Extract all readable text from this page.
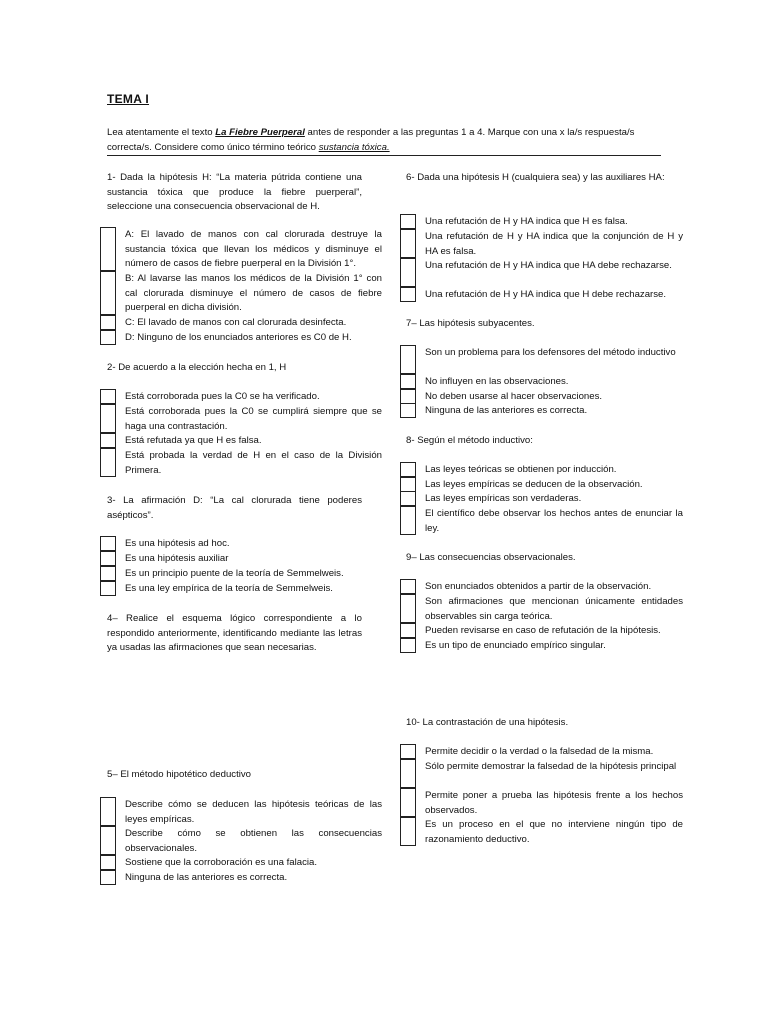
TEMA I
Lea atentamente el texto La Fiebre Puerperal antes de responder a las preguntas 1 a 4. Marque con una x la/s respuesta/s correcta/s. Considere como único término teórico sustancia tóxica.
1- Dada la hipótesis H: “La materia pútrida contiene una sustancia tóxica que produce la fiebre puerperal”, seleccione una consecuencia observacional de H.
A: El lavado de manos con cal clorurada destruye la sustancia tóxica que llevan los médicos y disminuye el número de casos de fiebre puerperal en la División 1°.
B: Al lavarse las manos los médicos de la División 1° con cal clorurada disminuye el número de casos de fiebre puerperal en dicha división.
C: El lavado de manos con cal clorurada desinfecta.
D: Ninguno de los enunciados anteriores es C0 de H.
2- De acuerdo a la elección hecha en 1, H
Está corroborada pues la C0 se ha verificado.
Está corroborada pues la C0 se cumplirá siempre que se haga una contrastación.
Está refutada ya que H es falsa.
Está probada la verdad de H en el caso de la División Primera.
3- La afirmación D: “La cal clorurada tiene poderes asépticos”.
Es una hipótesis ad hoc.
Es una hipótesis auxiliar
Es un principio puente de la teoría de Semmelweis.
Es una ley empírica de la teoría de Semmelweis.
4– Realice el esquema lógico correspondiente a lo respondido anteriormente, identificando mediante las letras ya usadas las afirmaciones que sean necesarias.
5– El método hipotético deductivo
Describe cómo se deducen las hipótesis teóricas de las leyes empíricas.
Describe cómo se obtienen las consecuencias observacionales.
Sostiene que la corroboración es una falacia.
Ninguna de las anteriores es correcta.
6- Dada una hipótesis H (cualquiera sea) y las auxiliares HA:
Una refutación de H y HA indica que H es falsa.
Una refutación de H y HA indica que la conjunción de H y HA es falsa.
Una refutación de H y HA indica que HA debe rechazarse.
Una refutación de H y HA indica que H debe rechazarse.
7– Las hipótesis subyacentes.
Son un problema para los defensores del método inductivo
No influyen en las observaciones.
No deben usarse al hacer observaciones.
Ninguna de las anteriores es correcta.
8- Según el método inductivo:
Las leyes teóricas se obtienen por inducción.
Las leyes empíricas se deducen de la observación.
Las leyes empíricas son verdaderas.
El científico debe observar los hechos antes de enunciar la ley.
9– Las consecuencias observacionales.
Son enunciados obtenidos a partir de la observación.
Son afirmaciones que mencionan únicamente entidades observables sin carga teórica.
Pueden revisarse en caso de refutación de la hipótesis.
Es un tipo de enunciado empírico singular.
10- La contrastación de una hipótesis.
Permite decidir o la verdad o la falsedad de la misma.
Sólo permite demostrar la falsedad de la hipótesis principal
Permite poner a prueba las hipótesis frente a los hechos observados.
Es un proceso en el que no interviene ningún tipo de razonamiento deductivo.
